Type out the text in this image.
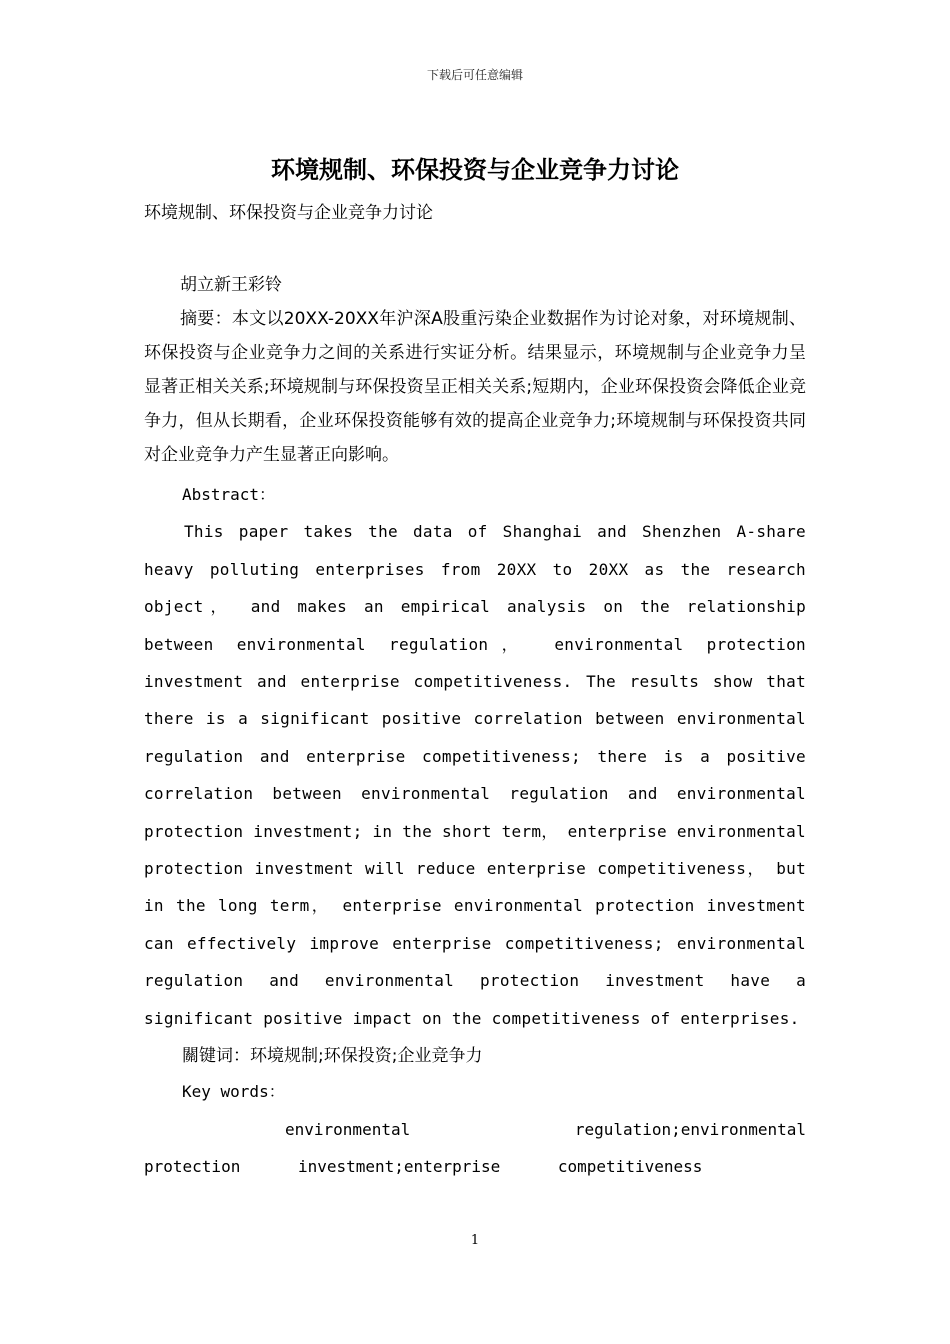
下载后可任意编辑
环境规制、环保投资与企业竞争力讨论

环境规制、环保投资与企业竞争力讨论

胡立新王彩铃

摘要：本文以20XX-20XX年沪深A股重污染企业数据作为讨论对象，对环境规制、环保投资与企业竞争力之间的关系进行实证分析。结果显示，环境规制与企业竞争力呈显著正相关关系;环境规制与环保投资呈正相关关系;短期内，企业环保投资会降低企业竞争力，但从长期看，企业环保投资能够有效的提高企业竞争力;环境规制与环保投资共同对企业竞争力产生显著正向影响。

Abstract：

This paper takes the data of Shanghai and Shenzhen A-share heavy polluting enterprises from 20XX to 20XX as the research object， and makes an empirical analysis on the relationship between environmental regulation， environmental protection investment and enterprise competitiveness. The results show that there is a significant positive correlation between environmental regulation and enterprise competitiveness; there is a positive correlation between environmental regulation and environmental protection investment; in the short term， enterprise environmental protection investment will reduce enterprise competitiveness， but in the long term， enterprise environmental protection investment can effectively improve enterprise competitiveness; environmental regulation and environmental protection investment have a significant positive impact on the competitiveness of enterprises.

關键词：环境规制;环保投资;企业竞争力

Key words：

environmental regulation;environmental protection investment;enterprise competitiveness

1
